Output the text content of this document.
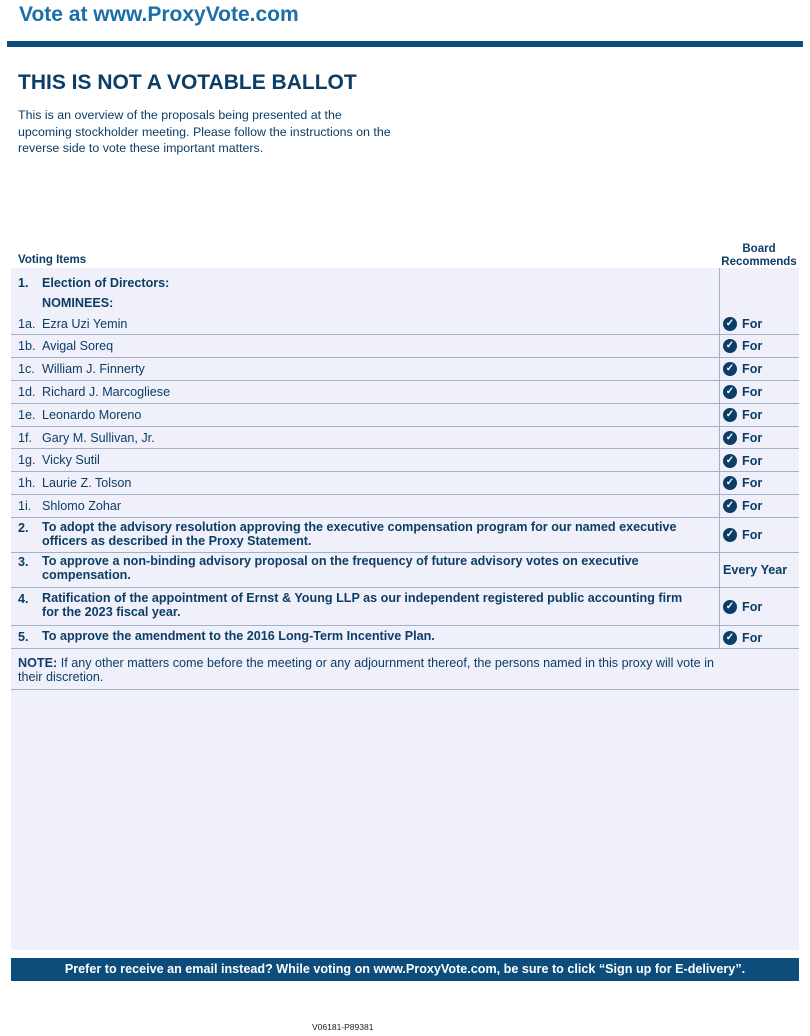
Vote at www.ProxyVote.com
THIS IS NOT A VOTABLE BALLOT
This is an overview of the proposals being presented at the upcoming stockholder meeting. Please follow the instructions on the reverse side to vote these important matters.
Voting Items
Board
Recommends
1. Election of Directors:
NOMINEES:
1a. Ezra Uzi Yemin	✓ For
1b. Avigal Soreq	✓ For
1c. William J. Finnerty	✓ For
1d. Richard J. Marcogliese	✓ For
1e. Leonardo Moreno	✓ For
1f. Gary M. Sullivan, Jr.	✓ For
1g. Vicky Sutil	✓ For
1h. Laurie Z. Tolson	✓ For
1i. Shlomo Zohar	✓ For
2. To adopt the advisory resolution approving the executive compensation program for our named executive
officers as described in the Proxy Statement.	✓ For
3. To approve a non-binding advisory proposal on the frequency of future advisory votes on executive
compensation.	Every Year
4. Ratification of the appointment of Ernst & Young LLP as our independent registered public accounting firm
for the 2023 fiscal year.	✓ For
5. To approve the amendment to the 2016 Long-Term Incentive Plan.	✓ For
NOTE: If any other matters come before the meeting or any adjournment thereof, the persons named in this proxy will vote in their discretion.
Prefer to receive an email instead? While voting on www.ProxyVote.com, be sure to click “Sign up for E-delivery”.
V06181-P89381
